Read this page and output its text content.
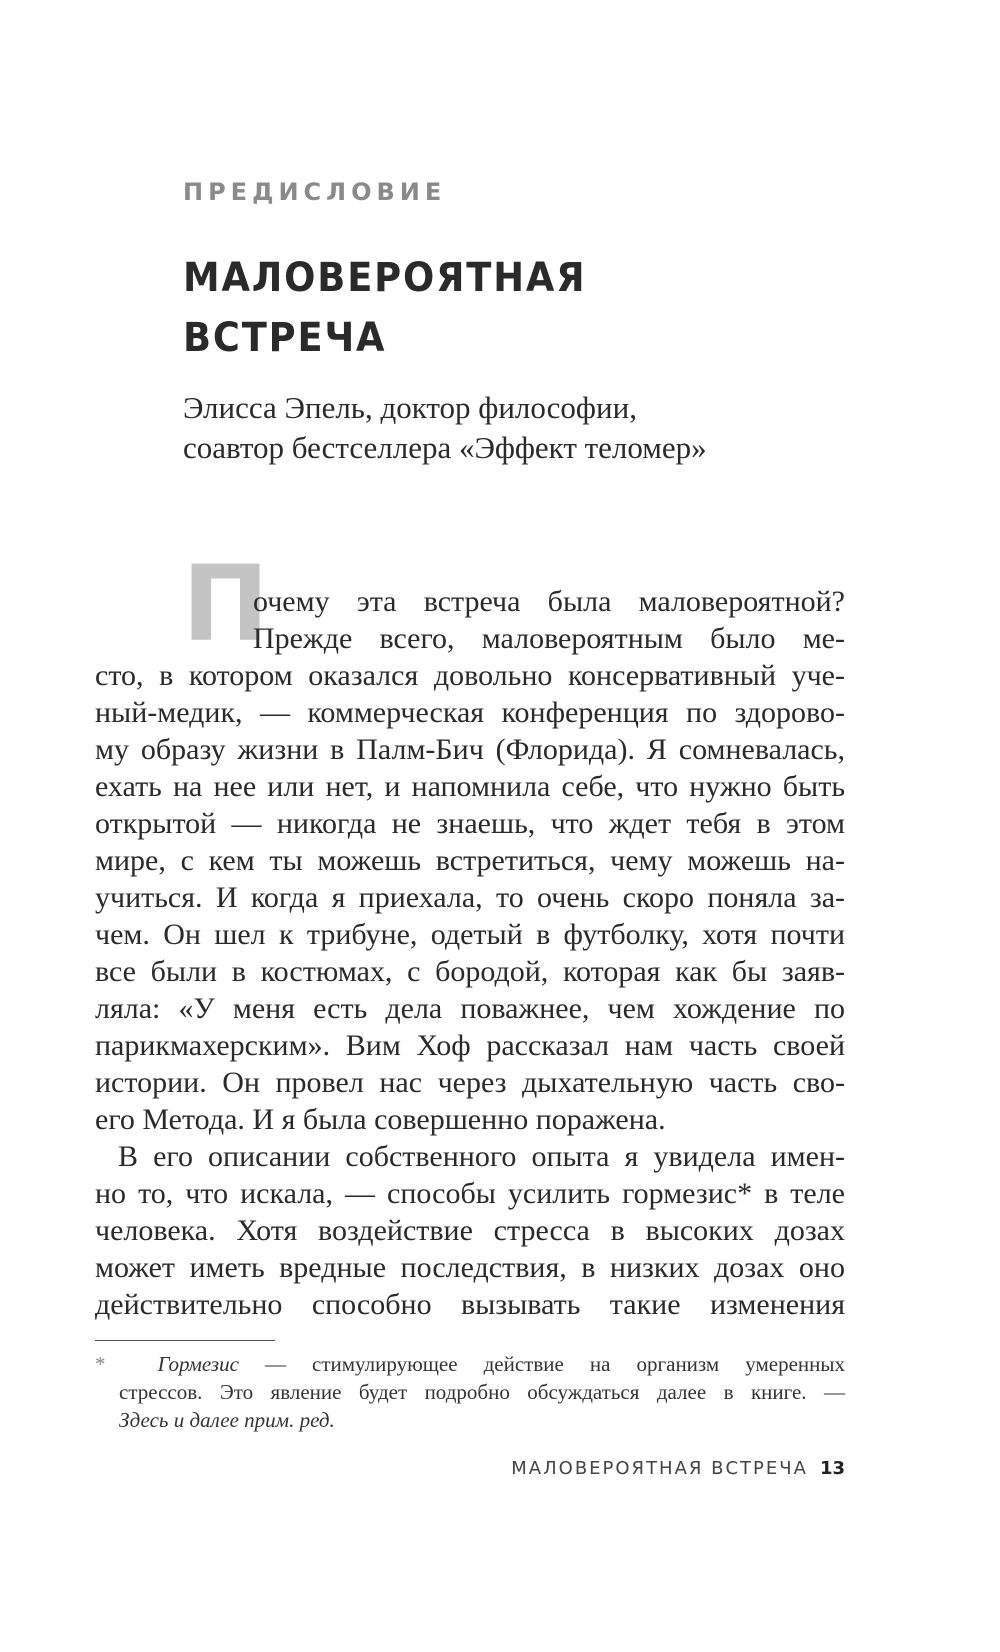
ПРЕДИСЛОВИЕ
МАЛОВЕРОЯТНАЯ
ВСТРЕЧА
Элисса Эпель, доктор философии,
соавтор бестселлера «Эффект теломер»
П
очему эта встреча была маловероятной?
Прежде всего, маловероятным было ме-
сто, в котором оказался довольно консервативный уче-
ный-медик, — коммерческая конференция по здорово-
му образу жизни в Палм-Бич (Флорида). Я сомневалась,
ехать на нее или нет, и напомнила себе, что нужно быть
открытой — никогда не знаешь, что ждет тебя в этом
мире, с кем ты можешь встретиться, чему можешь на-
учиться. И когда я приехала, то очень скоро поняла за-
чем. Он шел к трибуне, одетый в футболку, хотя почти
все были в костюмах, с бородой, которая как бы заяв-
ляла: «У меня есть дела поважнее, чем хождение по
парикмахерским». Вим Хоф рассказал нам часть своей
истории. Он провел нас через дыхательную часть сво-
его Метода. И я была совершенно поражена.
В его описании собственного опыта я увидела имен-
но то, что искала, — способы усилить гормезис* в теле
человека. Хотя воздействие стресса в высоких дозах
может иметь вредные последствия, в низких дозах оно
действительно способно вызывать такие изменения
* Гормезис — стимулирующее действие на организм умеренных
стрессов. Это явление будет подробно обсуждаться далее в книге. —
Здесь и далее прим. ред.
МАЛОВЕРОЯТНАЯ ВСТРЕЧА 13
